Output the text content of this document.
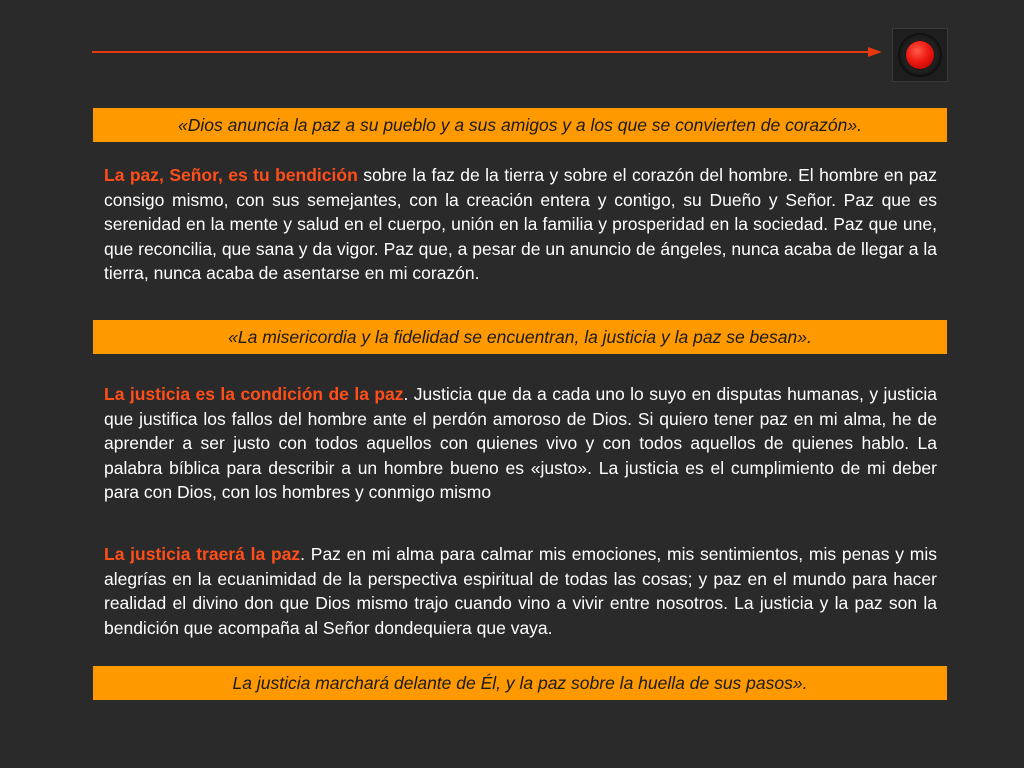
«Dios anuncia la paz a su pueblo y a sus amigos y a los que se convierten de corazón».
La paz, Señor, es tu bendición sobre la faz de la tierra y sobre el corazón del hombre. El hombre en paz consigo mismo, con sus semejantes, con la creación entera y contigo, su Dueño y Señor. Paz que es serenidad en la mente y salud en el cuerpo, unión en la familia y prosperidad en la sociedad. Paz que une, que reconcilia, que sana y da vigor. Paz que, a pesar de un anuncio de ángeles, nunca acaba de llegar a la tierra, nunca acaba de asentarse en mi corazón.
«La misericordia y la fidelidad se encuentran, la justicia y la paz se besan».
La justicia es la condición de la paz. Justicia que da a cada uno lo suyo en disputas humanas, y justicia que justifica los fallos del hombre ante el perdón amoroso de Dios. Si quiero tener paz en mi alma, he de aprender a ser justo con todos aquellos con quienes vivo y con todos aquellos de quienes hablo. La palabra bíblica para describir a un hombre bueno es «justo». La justicia es el cumplimiento de mi deber para con Dios, con los hombres y conmigo mismo
La justicia traerá la paz. Paz en mi alma para calmar mis emociones, mis sentimientos, mis penas y mis alegrías en la ecuanimidad de la perspectiva espiritual de todas las cosas; y paz en el mundo para hacer realidad el divino don que Dios mismo trajo cuando vino a vivir entre nosotros. La justicia y la paz son la bendición que acompaña al Señor dondequiera que vaya.
La justicia marchará delante de Él, y la paz sobre la huella de sus pasos».
